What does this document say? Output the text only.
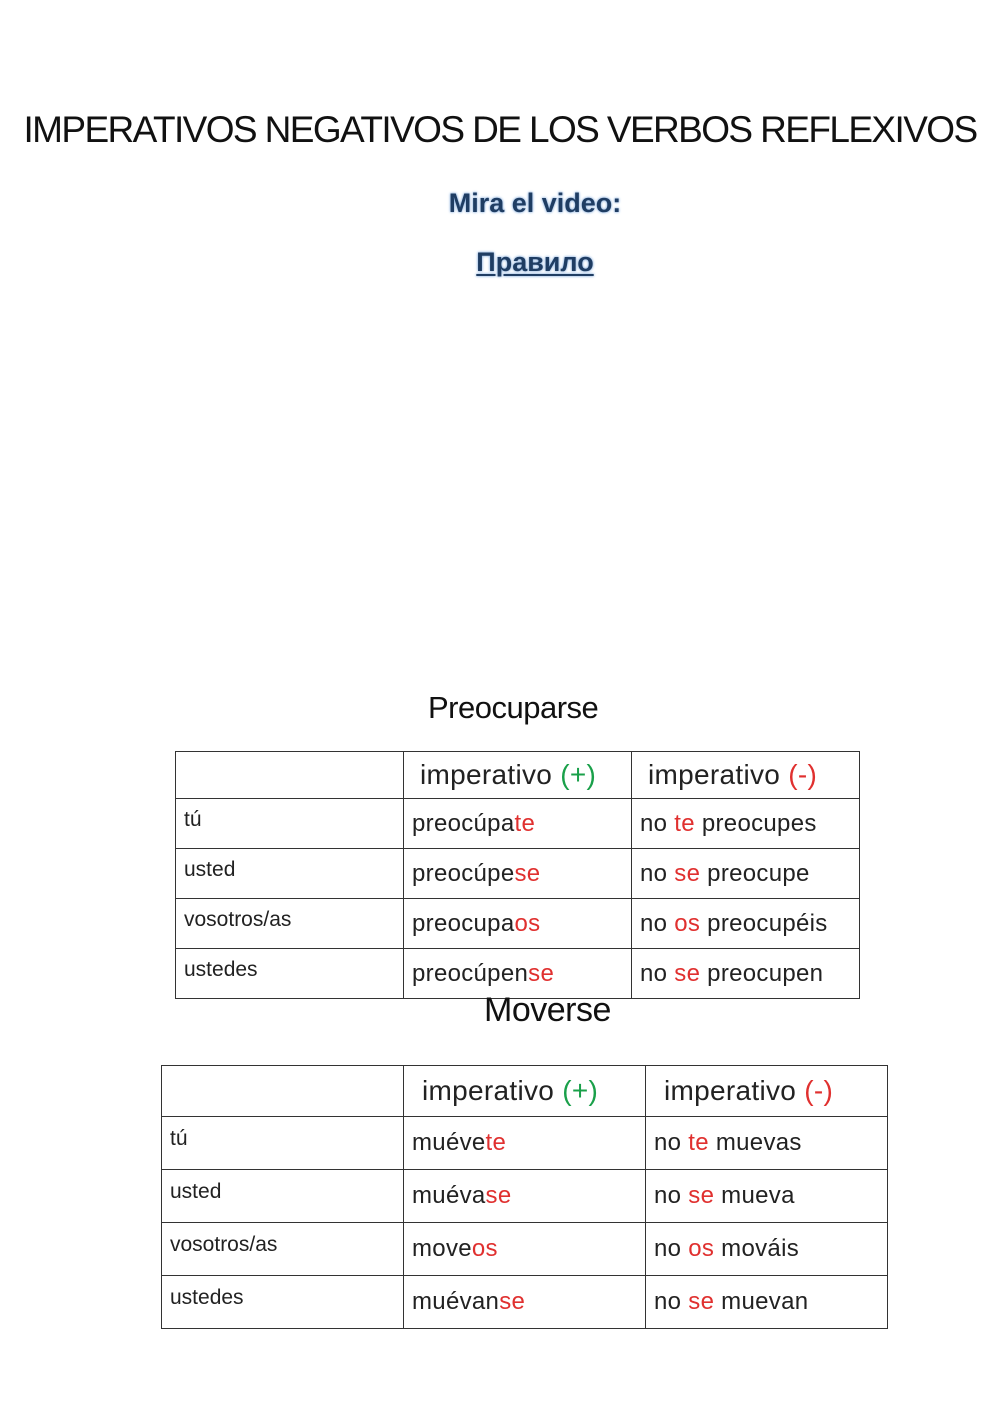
IMPERATIVOS NEGATIVOS DE LOS VERBOS REFLEXIVOS
Mira el video:
Правило
Preocuparse
	imperativo (+)	imperativo (-)
tú	preocúpate	no te preocupes
usted	preocúpese	no se preocupe
vosotros/as	preocupaos	no os preocupéis
ustedes	preocúpense	no se preocupen
Moverse
	imperativo (+)	imperativo (-)
tú	muévete	no te muevas
usted	muévase	no se mueva
vosotros/as	moveos	no os mováis
ustedes	muévanse	no se muevan
